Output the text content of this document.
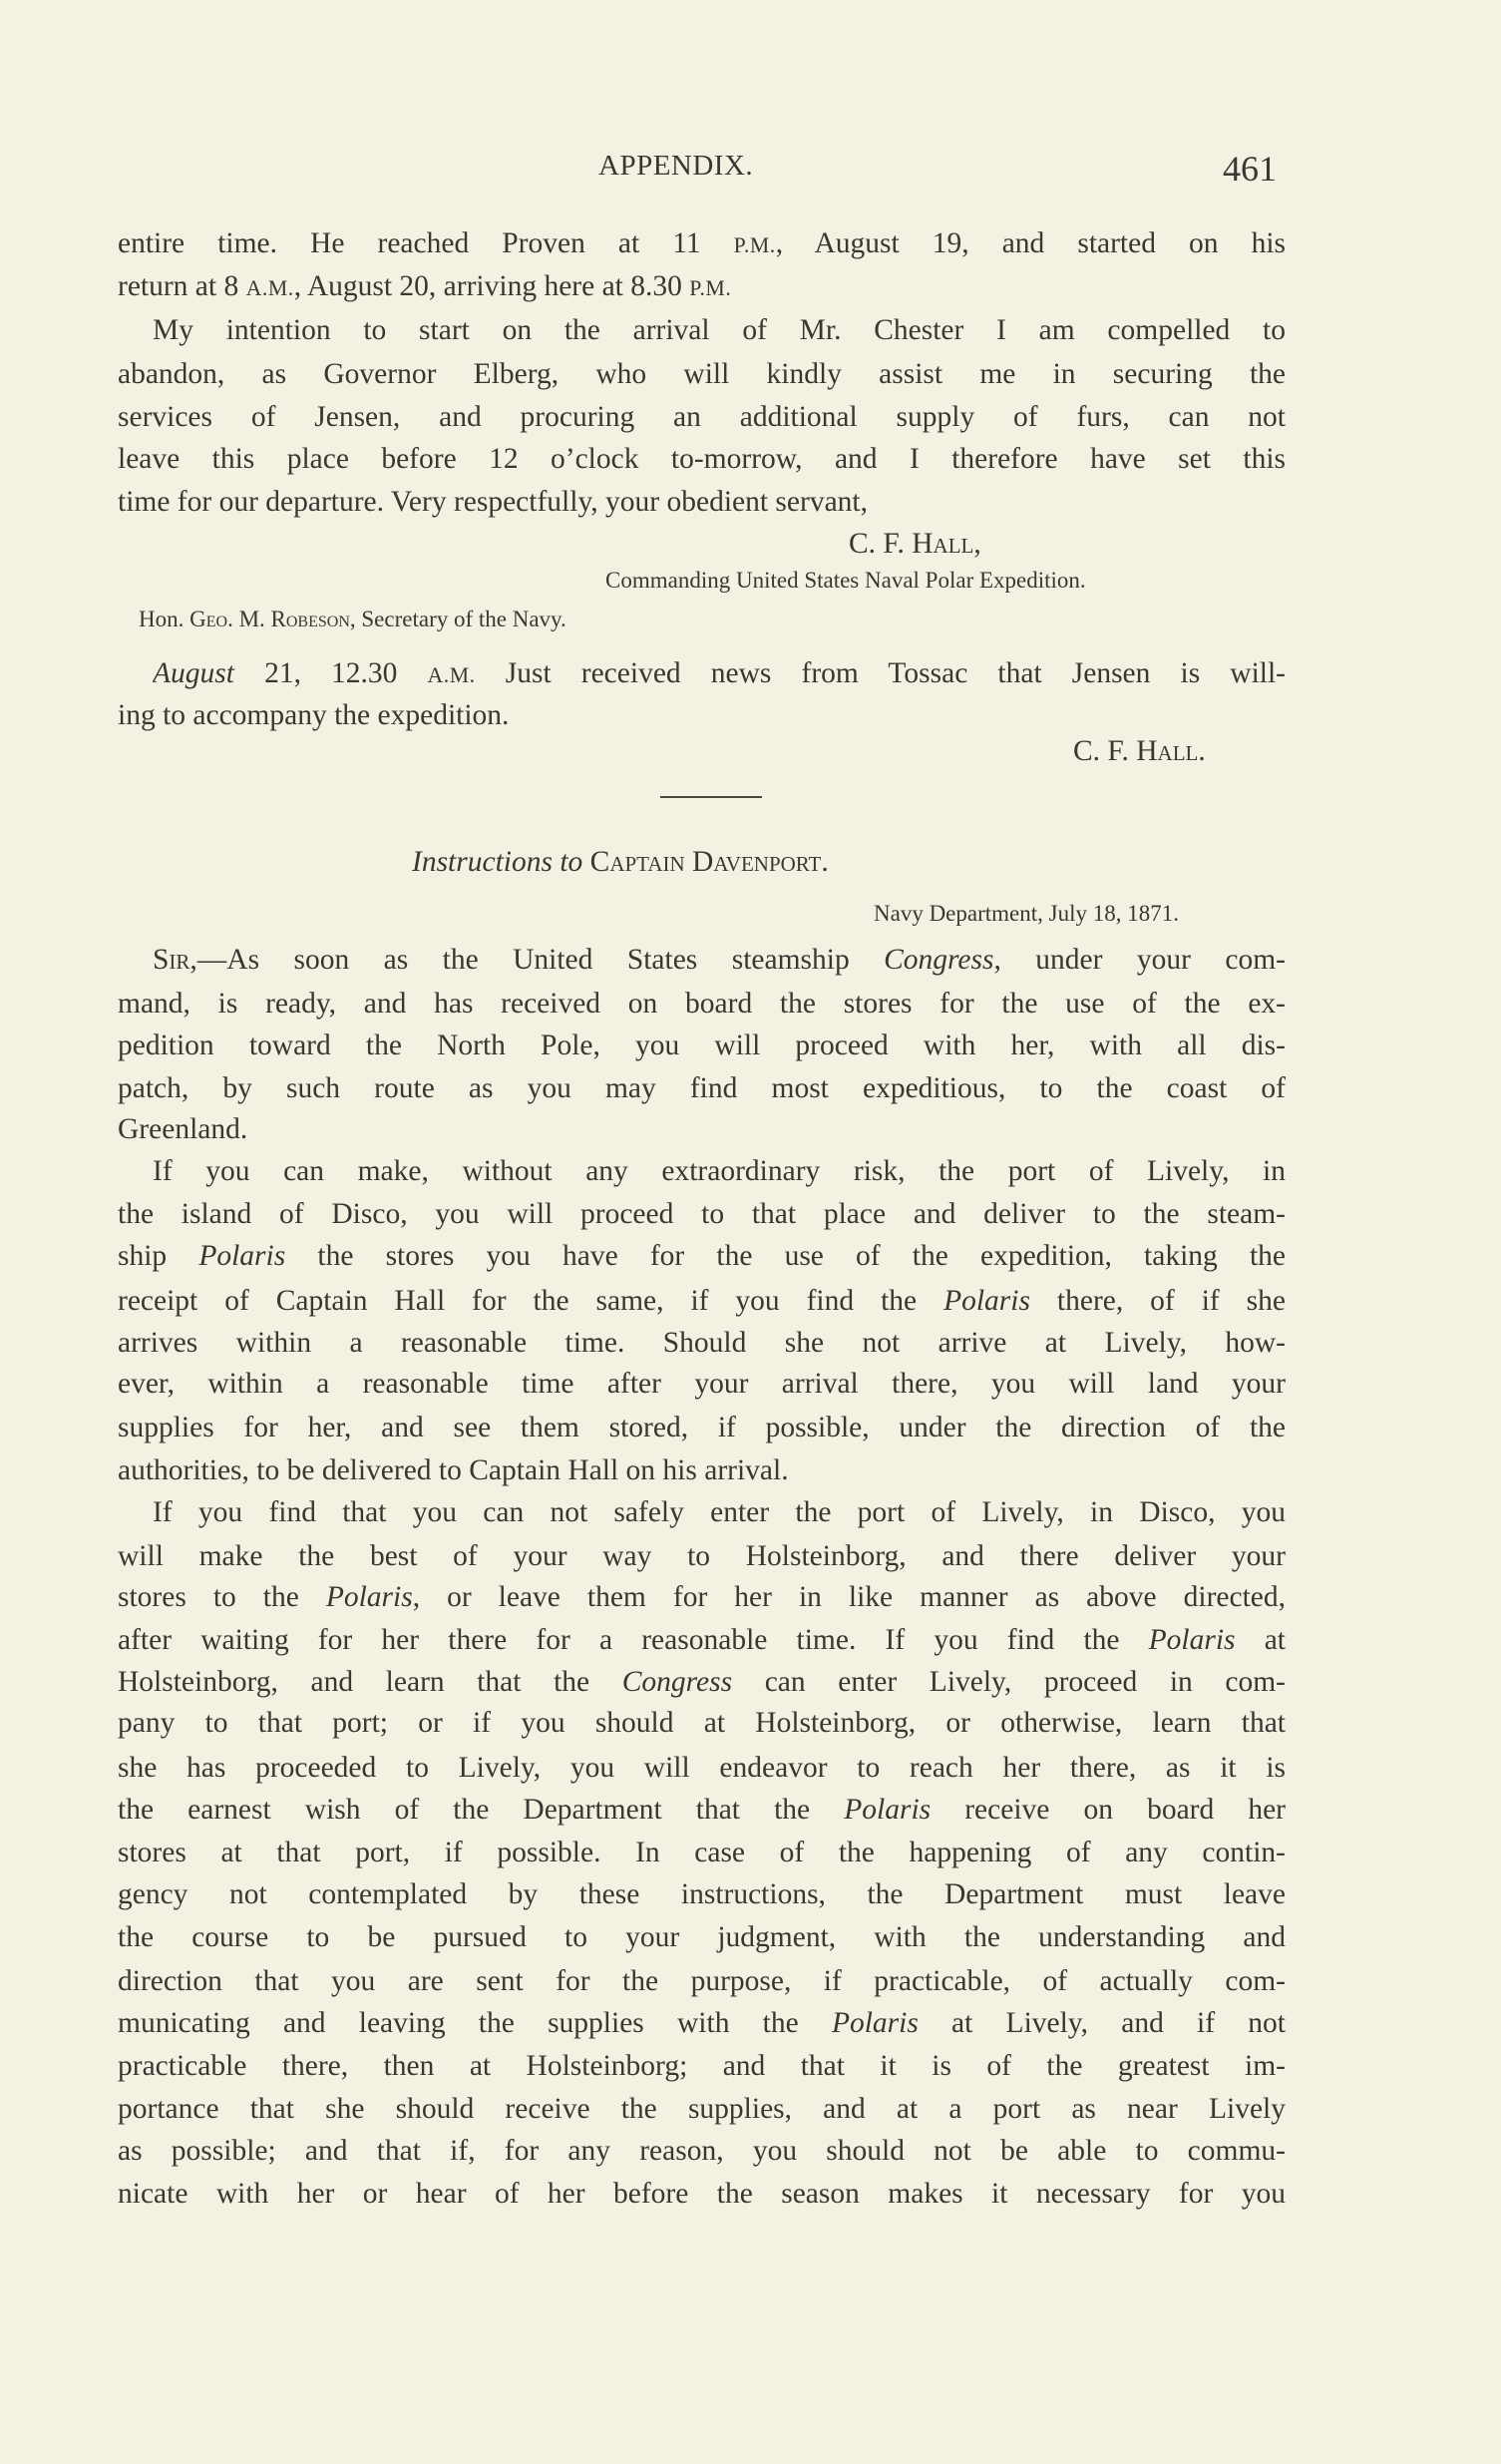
APPENDIX.	461
entire time. He reached Proven at 11 P.M., August 19, and started on his
return at 8 A.M., August 20, arriving here at 8.30 P.M.
My intention to start on the arrival of Mr. Chester I am compelled to
abandon, as Governor Elberg, who will kindly assist me in securing the
services of Jensen, and procuring an additional supply of furs, can not
leave this place before 12 o’clock to-morrow, and I therefore have set this
time for our departure. Very respectfully, your obedient servant,
C. F. Hall,
Commanding United States Naval Polar Expedition.
Hon. Geo. M. Robeson, Secretary of the Navy.
August 21, 12.30 A.M. Just received news from Tossac that Jensen is will-
ing to accompany the expedition.
C. F. Hall.
Instructions to Captain Davenport.
Navy Department, July 18, 1871.
Sir,—As soon as the United States steamship Congress, under your com-
mand, is ready, and has received on board the stores for the use of the ex-
pedition toward the North Pole, you will proceed with her, with all dis-
patch, by such route as you may find most expeditious, to the coast of
Greenland.
If you can make, without any extraordinary risk, the port of Lively, in
the island of Disco, you will proceed to that place and deliver to the steam-
ship Polaris the stores you have for the use of the expedition, taking the
receipt of Captain Hall for the same, if you find the Polaris there, of if she
arrives within a reasonable time. Should she not arrive at Lively, how-
ever, within a reasonable time after your arrival there, you will land your
supplies for her, and see them stored, if possible, under the direction of the
authorities, to be delivered to Captain Hall on his arrival.
If you find that you can not safely enter the port of Lively, in Disco, you
will make the best of your way to Holsteinborg, and there deliver your
stores to the Polaris, or leave them for her in like manner as above directed,
after waiting for her there for a reasonable time. If you find the Polaris at
Holsteinborg, and learn that the Congress can enter Lively, proceed in com-
pany to that port; or if you should at Holsteinborg, or otherwise, learn that
she has proceeded to Lively, you will endeavor to reach her there, as it is
the earnest wish of the Department that the Polaris receive on board her
stores at that port, if possible. In case of the happening of any contin-
gency not contemplated by these instructions, the Department must leave
the course to be pursued to your judgment, with the understanding and
direction that you are sent for the purpose, if practicable, of actually com-
municating and leaving the supplies with the Polaris at Lively, and if not
practicable there, then at Holsteinborg; and that it is of the greatest im-
portance that she should receive the supplies, and at a port as near Lively
as possible; and that if, for any reason, you should not be able to commu-
nicate with her or hear of her before the season makes it necessary for you
